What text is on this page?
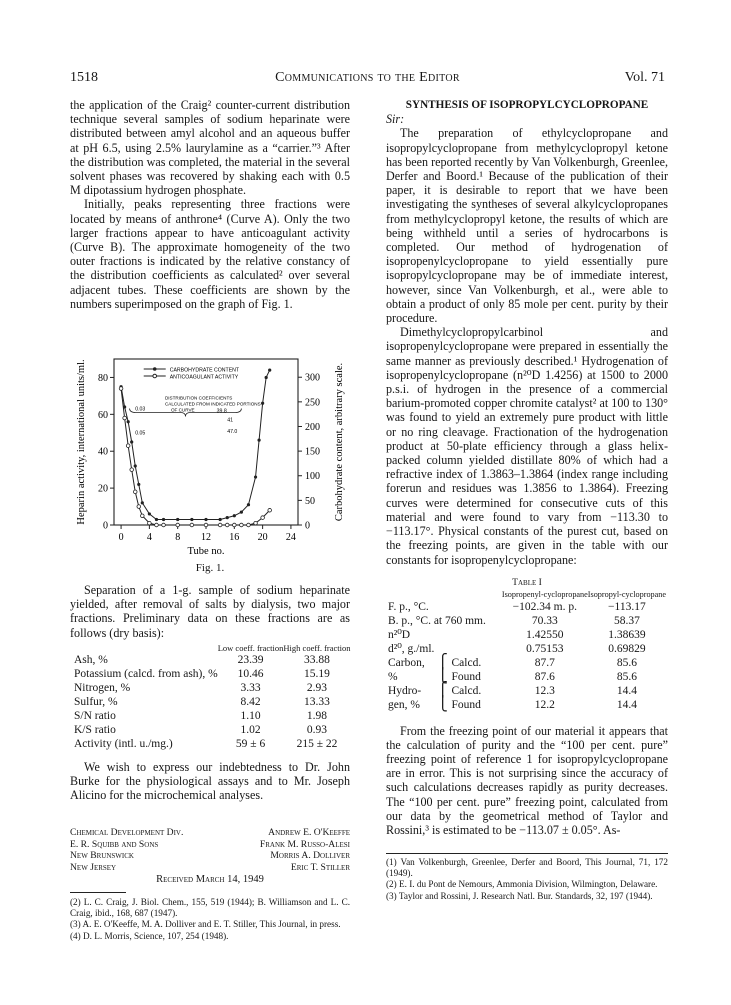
1518	Communications to the Editor	Vol. 71

the application of the Craig² counter-current distribution technique several samples of sodium heparinate were distributed between amyl alcohol and an aqueous buffer at pH 6.5, using 2.5% laurylamine as a “carrier.”³ After the distribution was completed, the material in the several solvent phases was recovered by shaking each with 0.5 M dipotassium hydrogen phosphate.

Initially, peaks representing three fractions were located by means of anthrone⁴ (Curve A). Only the two larger fractions appear to have anticoagulant activity (Curve B). The approximate homogeneity of the two outer fractions is indicated by the relative constancy of the distribution coefficients as calculated² over several adjacent tubes. These coefficients are shown by the numbers superimposed on the graph of Fig. 1.

0 4 8 12 16 20 24
0
20
40
60
80
0
50
100
150
200
250
300
Tube no.
Heparin activity, international units/ml.	Carbohydrate content, arbitrary scale.
CARBOHYDRATE CONTENT
ANTICOAGULANT ACTIVITY
DISTRIBUTION COEFFICIENTS CALCULATED FROM INDICATED PORTIONS OF CURVE
0.03
0.05
39.8
41
47.0
Fig. 1.

Separation of a 1-g. sample of sodium heparinate yielded, after removal of salts by dialysis, two major fractions. Preliminary data on these fractions are as follows (dry basis):

	Low coeff. fraction	High coeff. fraction
Ash, %	23.39	33.88
Potassium (calcd. from ash), %	10.46	15.19
Nitrogen, %	3.33	2.93
Sulfur, %	8.42	13.33
S/N ratio	1.10	1.98
K/S ratio	1.02	0.93
Activity (intl. u./mg.)	59 ± 6	215 ± 22

We wish to express our indebtedness to Dr. John Burke for the physiological assays and to Mr. Joseph Alicino for the microchemical analyses.

Chemical Development Div.	Andrew E. O'Keeffe
E. R. Squibb and Sons	Frank M. Russo-Alesi
New Brunswick	Morris A. Dolliver
New Jersey	Eric T. Stiller
Received March 14, 1949

(2) L. C. Craig, J. Biol. Chem., 155, 519 (1944); B. Williamson and L. C. Craig, ibid., 168, 687 (1947).

(3) A. E. O'Keeffe, M. A. Dolliver and E. T. Stiller, This Journal, in press.

(4) D. L. Morris, Science, 107, 254 (1948).

SYNTHESIS OF ISOPROPYLCYCLOPROPANE

Sir:

The preparation of ethylcyclopropane and isopropylcyclopropane from methylcyclopropyl ketone has been reported recently by Van Volkenburgh, Greenlee, Derfer and Boord.¹ Because of the publication of their paper, it is desirable to report that we have been investigating the syntheses of several alkylcyclopropanes from methylcyclopropyl ketone, the results of which are being withheld until a series of hydrocarbons is completed. Our method of hydrogenation of isopropenylcyclopropane to yield essentially pure isopropylcyclopropane may be of immediate interest, however, since Van Volkenburgh, et al., were able to obtain a product of only 85 mole per cent. purity by their procedure.

Dimethylcyclopropylcarbinol and isopropenylcyclopropane were prepared in essentially the same manner as previously described.¹ Hydrogenation of isopropenylcyclopropane (n²⁰D 1.4256) at 1500 to 2000 p.s.i. of hydrogen in the presence of a commercial barium-promoted copper chromite catalyst² at 100 to 130° was found to yield an extremely pure product with little or no ring cleavage. Fractionation of the hydrogenation product at 50-plate efficiency through a glass helix-packed column yielded distillate 80% of which had a refractive index of 1.3863–1.3864 (index range including forerun and residues was 1.3856 to 1.3864). Freezing curves were determined for consecutive cuts of this material and were found to vary from −113.30 to −113.17°. Physical constants of the purest cut, based on the freezing points, are given in the table with our constants for isopropenylcyclopropane:

Table I
	Isopropenyl-cyclopropane	Isopropyl-cyclopropane
F. p., °C.	−102.34 m. p.	−113.17
B. p., °C. at 760 mm.	70.33	58.37
n²⁰D	1.42550	1.38639
d²⁰, g./ml.	0.75153	0.69829
Carbon, ⎧ Calcd.	87.7	85.6
% ⎩ Found	87.6	85.6
Hydro- ⎧ Calcd.	12.3	14.4
gen, % ⎩ Found	12.2	14.4

From the freezing point of our material it appears that the calculation of purity and the “100 per cent. pure” freezing point of reference 1 for isopropylcyclopropane are in error. This is not surprising since the accuracy of such calculations decreases rapidly as purity decreases. The “100 per cent. pure” freezing point, calculated from our data by the geometrical method of Taylor and Rossini,³ is estimated to be −113.07 ± 0.05°. As-

(1) Van Volkenburgh, Greenlee, Derfer and Boord, This Journal, 71, 172 (1949).

(2) E. I. du Pont de Nemours, Ammonia Division, Wilmington, Delaware.

(3) Taylor and Rossini, J. Research Natl. Bur. Standards, 32, 197 (1944).
